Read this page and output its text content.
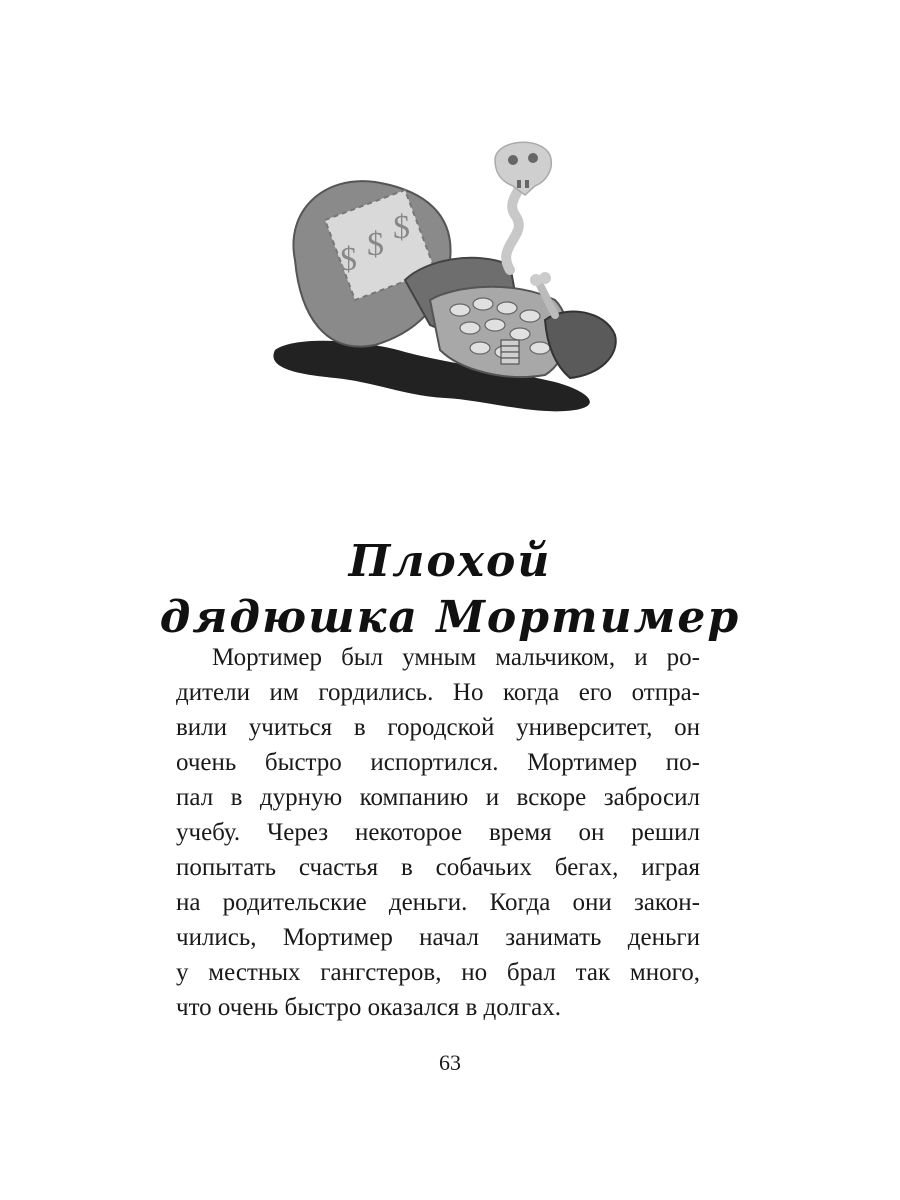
$ $ $
Плохой
дядюшка Мортимер
Мортимер был умным мальчиком, и ро-
дители им гордились. Но когда его отпра-
вили учиться в городской университет, он
очень быстро испортился. Мортимер по-
пал в дурную компанию и вскоре забросил
учебу. Через некоторое время он решил
попытать счастья в собачьих бегах, играя
на родительские деньги. Когда они закон-
чились, Мортимер начал занимать деньги
у местных гангстеров, но брал так много,
что очень быстро оказался в долгах.
63
